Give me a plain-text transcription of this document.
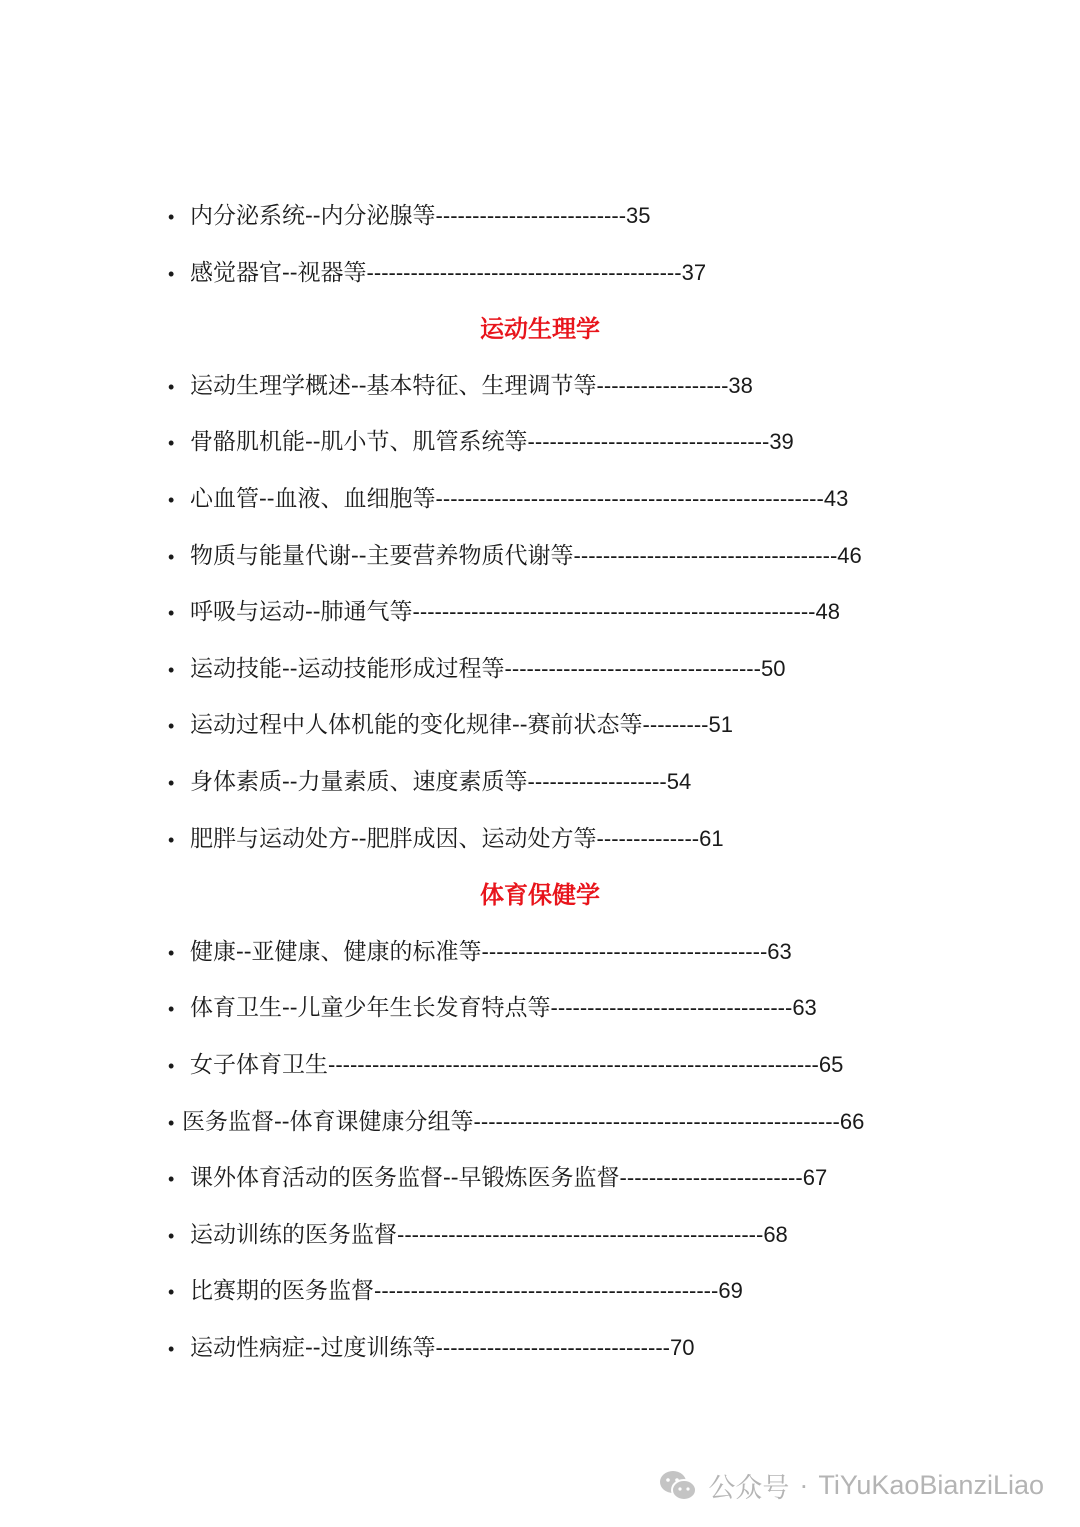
• 内分泌系统--内分泌腺等--------------------------35
• 感觉器官--视器等-------------------------------------------37
运动生理学
• 运动生理学概述--基本特征、生理调节等------------------38
• 骨骼肌机能--肌小节、肌管系统等---------------------------------39
• 心血管--血液、血细胞等-----------------------------------------------------43
• 物质与能量代谢--主要营养物质代谢等------------------------------------46
• 呼吸与运动--肺通气等-------------------------------------------------------48
• 运动技能--运动技能形成过程等-----------------------------------50
• 运动过程中人体机能的变化规律--赛前状态等---------51
• 身体素质--力量素质、速度素质等-------------------54
• 肥胖与运动处方--肥胖成因、运动处方等--------------61
体育保健学
• 健康--亚健康、健康的标准等---------------------------------------63
• 体育卫生--儿童少年生长发育特点等---------------------------------63
• 女子体育卫生-------------------------------------------------------------------65
• 医务监督--体育课健康分组等--------------------------------------------------66
• 课外体育活动的医务监督--早锻炼医务监督-------------------------67
• 运动训练的医务监督--------------------------------------------------68
• 比赛期的医务监督-----------------------------------------------69
• 运动性病症--过度训练等--------------------------------70
公众号 · TiYuKaoBianziLiao
